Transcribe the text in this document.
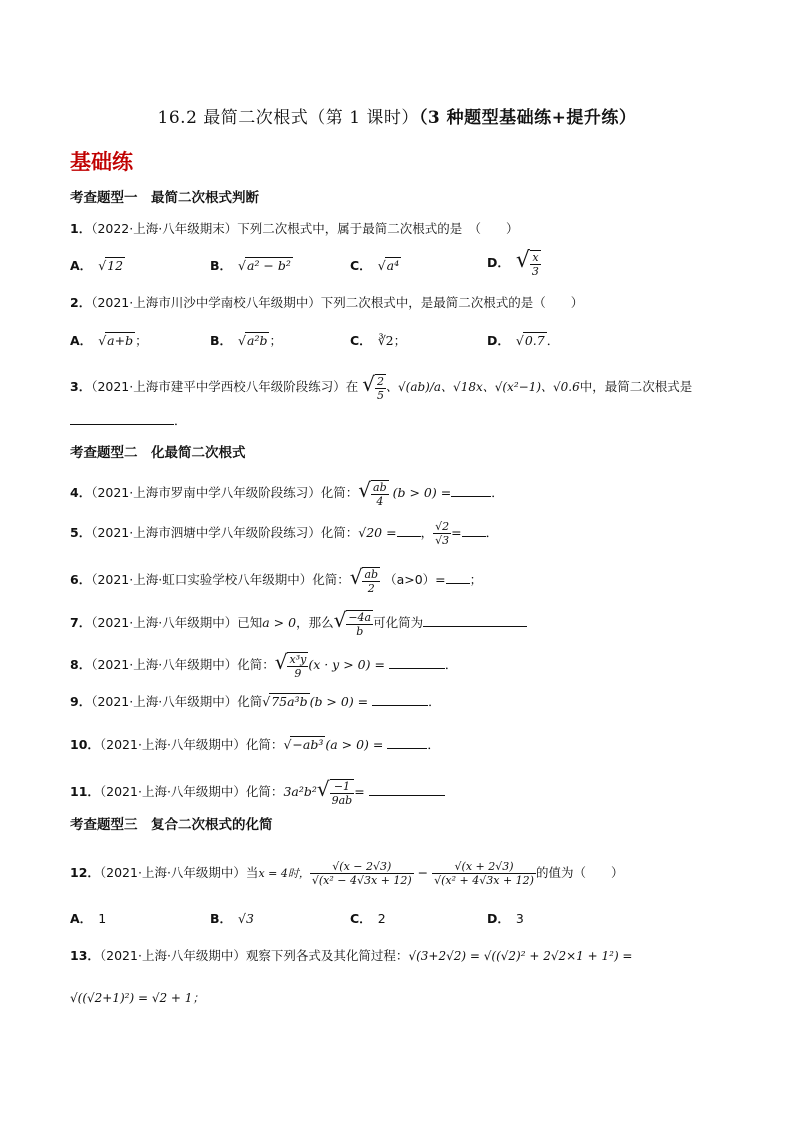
16.2 最简二次根式（第 1 课时）（3 种题型基础练+提升练）
基础练
考查题型一　最简二次根式判断
1．（2022·上海·八年级期末）下列二次根式中，属于最简二次根式的是　（　　）
A． √12	B． √a² − b²	C． √a⁴	D． √ $\frac{x}{3}$
2．（2021·上海市川沙中学南校八年级期中）下列二次根式中，是最简二次根式的是（　　）
A． √a+b ；	B． √a²b ；	C． ∛2；	D． √0.7 ．
3．（2021·上海市建平中学西校八年级阶段练习）在 √ $\frac{2}{5}$ 、√(ab)/a、√18x、√(x²−1)、√0.6中，最简二次根式是
．
考查题型二　化最简二次根式
4．（2021·上海市罗南中学八年级阶段练习）化简：√ $\frac{ab}{4} (b > 0)$ =	．
5．（2021·上海市泗塘中学八年级阶段练习）化简：√20 = ， $\frac{√2}{√3}$ = ．
6．（2021·上海·虹口实验学校八年级期中）化简：√ $\frac{ab}{2} (a>0)=$ ；
7．（2021·上海·八年级期中）已知a > 0，那么√ $\frac{-4a}{b}$ 可化简为
8．（2021·上海·八年级期中）化简：√ $\frac{\text{x³y}}{9} (x \cdot y > 0)$ =	．
9．（2021·上海·八年级期中）化简√75a³b (b > 0) =	．
10．（2021·上海·八年级期中）化简：√−ab³ (a > 0) =	．
11．（2021·上海·八年级期中）化简：$3a^2b^2√ \frac{-1}{9ab}$ =
考查题型三　复合二次根式的化简
12．（2021·上海·八年级期中）当x = 4时， $\frac{√(x - 2√3)}{\text{√(x² − 4√3x + 12)}} - \frac{√(x + 2√3)}{\text{√(x² + 4√3x + 12)}}$ 的值为（　　）
A． 1	B． √3	C． 2	D． 3
13．（2021·上海·八年级期中）观察下列各式及其化简过程：√(3+2√2) = √((√2)² + 2√2×1 + 1²) =
√((√2+1)²) = √2 + 1；
